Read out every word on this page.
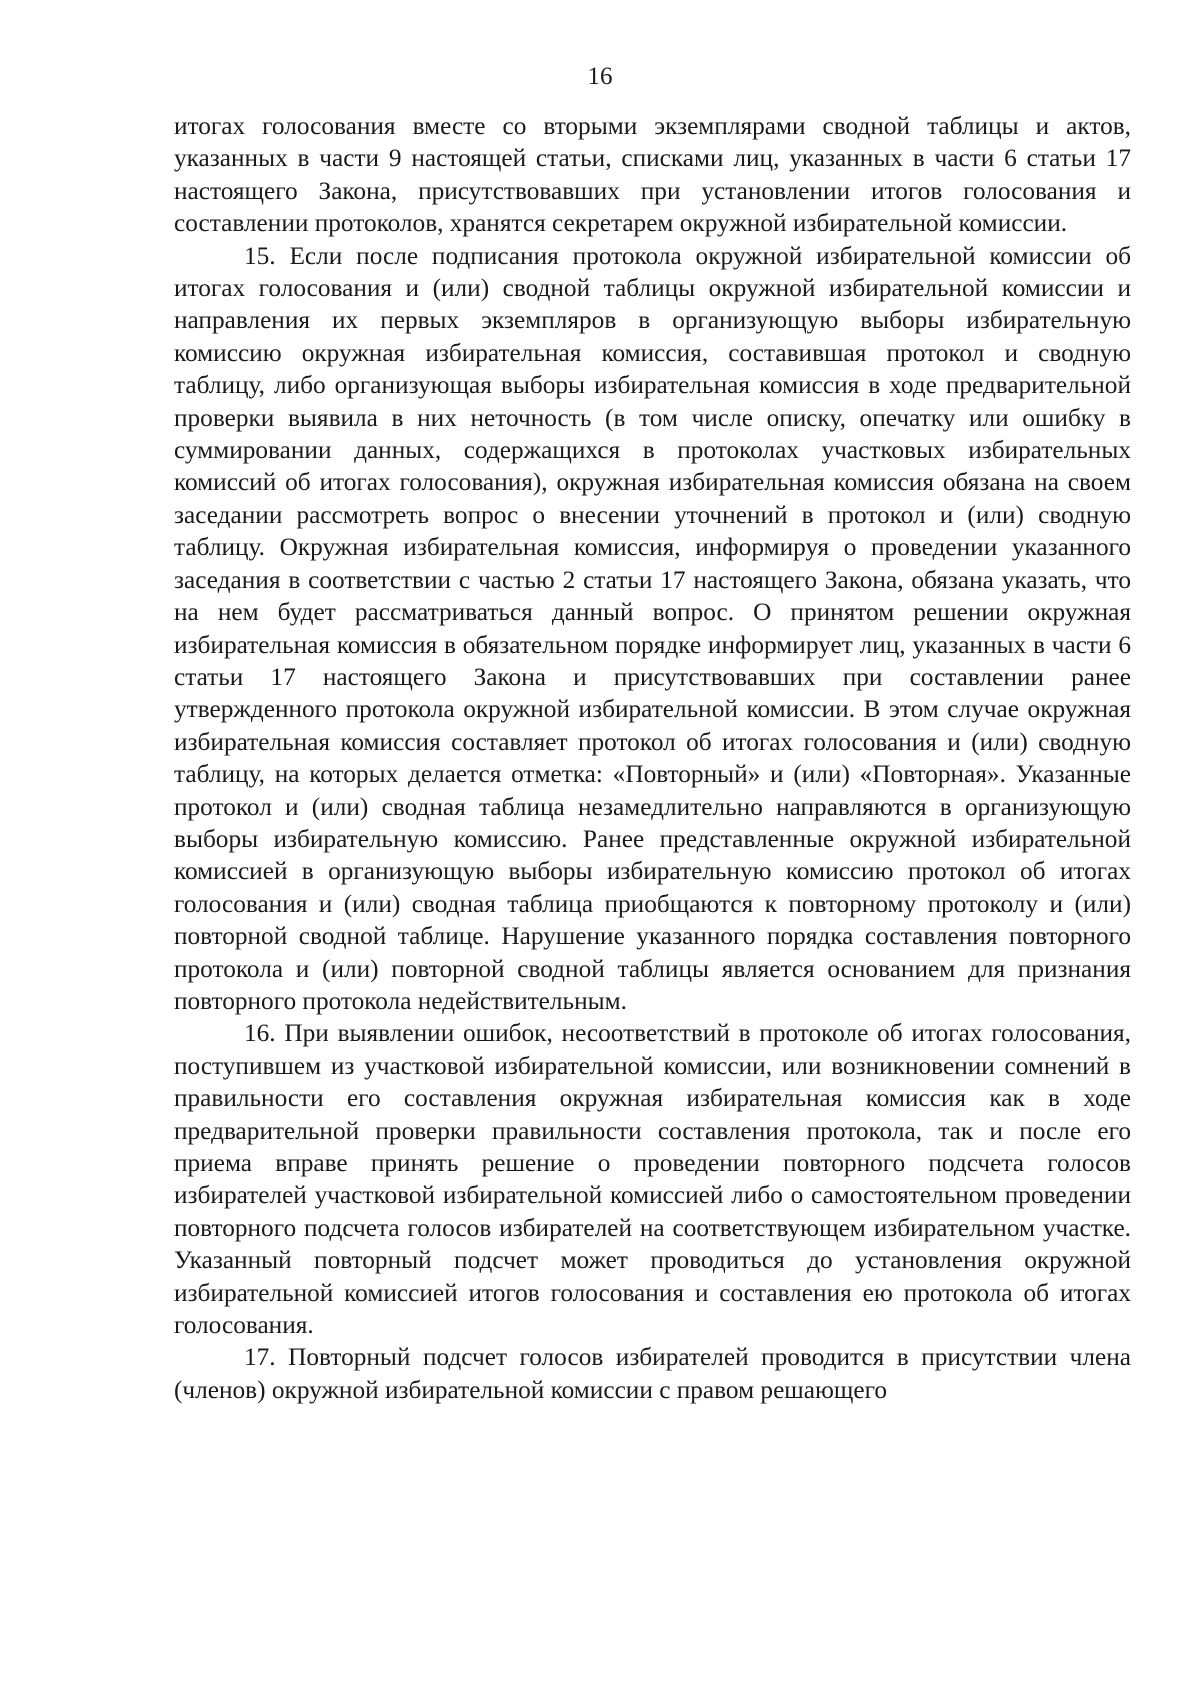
16

итогах голосования вместе со вторыми экземплярами сводной таблицы и актов, указанных в части 9 настоящей статьи, списками лиц, указанных в части 6 статьи 17 настоящего Закона, присутствовавших при установлении итогов голосования и составлении протоколов, хранятся секретарем окружной избирательной комиссии.

15. Если после подписания протокола окружной избирательной комиссии об итогах голосования и (или) сводной таблицы окружной избирательной комиссии и направления их первых экземпляров в организующую выборы избирательную комиссию окружная избирательная комиссия, составившая протокол и сводную таблицу, либо организующая выборы избирательная комиссия в ходе предварительной проверки выявила в них неточность (в том числе описку, опечатку или ошибку в суммировании данных, содержащихся в протоколах участковых избирательных комиссий об итогах голосования), окружная избирательная комиссия обязана на своем заседании рассмотреть вопрос о внесении уточнений в протокол и (или) сводную таблицу. Окружная избирательная комиссия, информируя о проведении указанного заседания в соответствии с частью 2 статьи 17 настоящего Закона, обязана указать, что на нем будет рассматриваться данный вопрос. О принятом решении окружная избирательная комиссия в обязательном порядке информирует лиц, указанных в части 6 статьи 17 настоящего Закона и присутствовавших при составлении ранее утвержденного протокола окружной избирательной комиссии. В этом случае окружная избирательная комиссия составляет протокол об итогах голосования и (или) сводную таблицу, на которых делается отметка: «Повторный» и (или) «Повторная». Указанные протокол и (или) сводная таблица незамедлительно направляются в организующую выборы избирательную комиссию. Ранее представленные окружной избирательной комиссией в организующую выборы избирательную комиссию протокол об итогах голосования и (или) сводная таблица приобщаются к повторному протоколу и (или) повторной сводной таблице. Нарушение указанного порядка составления повторного протокола и (или) повторной сводной таблицы является основанием для признания повторного протокола недействительным.

16. При выявлении ошибок, несоответствий в протоколе об итогах голосования, поступившем из участковой избирательной комиссии, или возникновении сомнений в правильности его составления окружная избирательная комиссия как в ходе предварительной проверки правильности составления протокола, так и после его приема вправе принять решение о проведении повторного подсчета голосов избирателей участковой избирательной комиссией либо о самостоятельном проведении повторного подсчета голосов избирателей на соответствующем избирательном участке. Указанный повторный подсчет может проводиться до установления окружной избирательной комиссией итогов голосования и составления ею протокола об итогах голосования.

17. Повторный подсчет голосов избирателей проводится в присутствии члена (членов) окружной избирательной комиссии с правом решающего
